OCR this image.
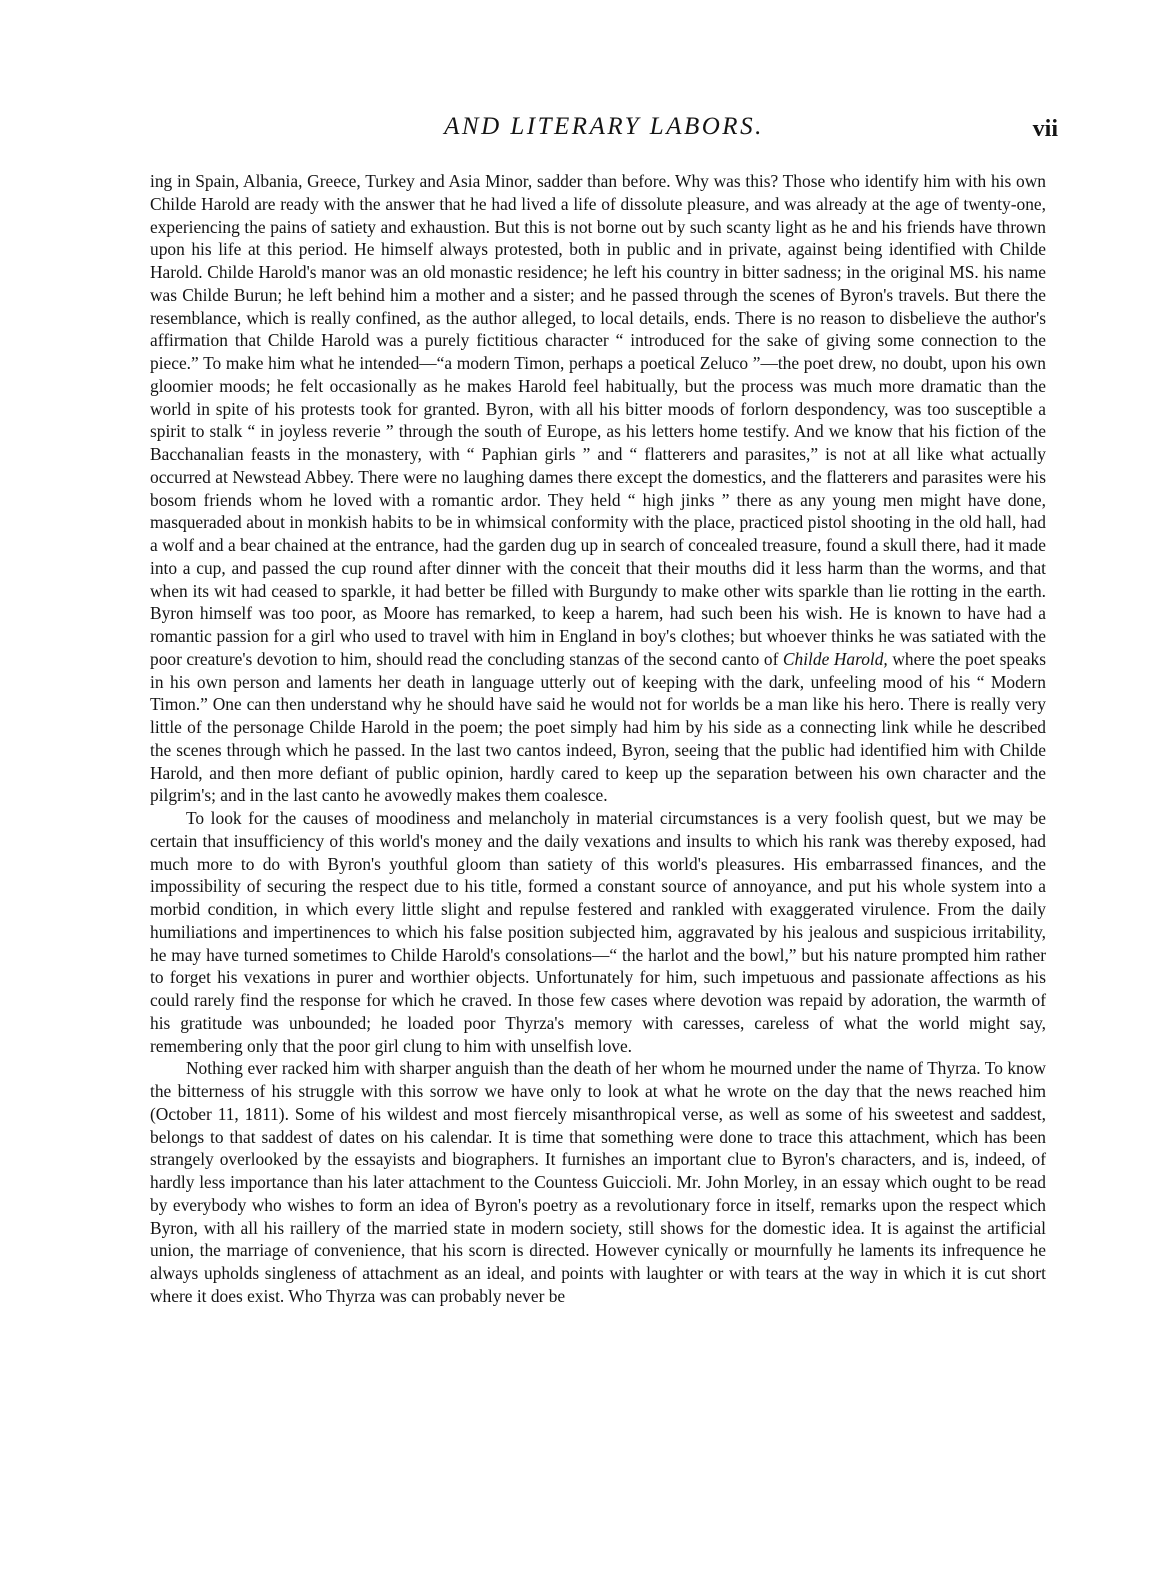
AND LITERARY LABORS.	vii

ing in Spain, Albania, Greece, Turkey and Asia Minor, sadder than before. Why was this? Those who identify him with his own Childe Harold are ready with the answer that he had lived a life of dissolute pleasure, and was already at the age of twenty-one, experiencing the pains of satiety and exhaustion. But this is not borne out by such scanty light as he and his friends have thrown upon his life at this period. He himself always protested, both in public and in private, against being identified with Childe Harold. Childe Harold's manor was an old monastic residence; he left his country in bitter sadness; in the original MS. his name was Childe Burun; he left behind him a mother and a sister; and he passed through the scenes of Byron's travels. But there the resemblance, which is really confined, as the author alleged, to local details, ends. There is no reason to disbelieve the author's affirmation that Childe Harold was a purely fictitious character “ introduced for the sake of giving some connection to the piece.” To make him what he intended—“a modern Timon, perhaps a poetical Zeluco ”—the poet drew, no doubt, upon his own gloomier moods; he felt occasionally as he makes Harold feel habitually, but the process was much more dramatic than the world in spite of his protests took for granted. Byron, with all his bitter moods of forlorn despondency, was too susceptible a spirit to stalk “ in joyless reverie ” through the south of Europe, as his letters home testify. And we know that his fiction of the Bacchanalian feasts in the monastery, with “ Paphian girls ” and “ flatterers and parasites,” is not at all like what actually occurred at Newstead Abbey. There were no laughing dames there except the domestics, and the flatterers and parasites were his bosom friends whom he loved with a romantic ardor. They held “ high jinks ” there as any young men might have done, masqueraded about in monkish habits to be in whimsical conformity with the place, practiced pistol shooting in the old hall, had a wolf and a bear chained at the entrance, had the garden dug up in search of concealed treasure, found a skull there, had it made into a cup, and passed the cup round after dinner with the conceit that their mouths did it less harm than the worms, and that when its wit had ceased to sparkle, it had better be filled with Burgundy to make other wits sparkle than lie rotting in the earth. Byron himself was too poor, as Moore has remarked, to keep a harem, had such been his wish. He is known to have had a romantic passion for a girl who used to travel with him in England in boy's clothes; but whoever thinks he was satiated with the poor creature's devotion to him, should read the concluding stanzas of the second canto of Childe Harold, where the poet speaks in his own person and laments her death in language utterly out of keeping with the dark, unfeeling mood of his “ Modern Timon.” One can then understand why he should have said he would not for worlds be a man like his hero. There is really very little of the personage Childe Harold in the poem; the poet simply had him by his side as a connecting link while he described the scenes through which he passed. In the last two cantos indeed, Byron, seeing that the public had identified him with Childe Harold, and then more defiant of public opinion, hardly cared to keep up the separation between his own character and the pilgrim's; and in the last canto he avowedly makes them coalesce.

To look for the causes of moodiness and melancholy in material circumstances is a very foolish quest, but we may be certain that insufficiency of this world's money and the daily vexations and insults to which his rank was thereby exposed, had much more to do with Byron's youthful gloom than satiety of this world's pleasures. His embarrassed finances, and the impossibility of securing the respect due to his title, formed a constant source of annoyance, and put his whole system into a morbid condition, in which every little slight and repulse festered and rankled with exaggerated virulence. From the daily humiliations and impertinences to which his false position subjected him, aggravated by his jealous and suspicious irritability, he may have turned sometimes to Childe Harold's consolations—“ the harlot and the bowl,” but his nature prompted him rather to forget his vexations in purer and worthier objects. Unfortunately for him, such impetuous and passionate affections as his could rarely find the response for which he craved. In those few cases where devotion was repaid by adoration, the warmth of his gratitude was unbounded; he loaded poor Thyrza's memory with caresses, careless of what the world might say, remembering only that the poor girl clung to him with unselfish love.

Nothing ever racked him with sharper anguish than the death of her whom he mourned under the name of Thyrza. To know the bitterness of his struggle with this sorrow we have only to look at what he wrote on the day that the news reached him (October 11, 1811). Some of his wildest and most fiercely misanthropical verse, as well as some of his sweetest and saddest, belongs to that saddest of dates on his calendar. It is time that something were done to trace this attachment, which has been strangely overlooked by the essayists and biographers. It furnishes an important clue to Byron's characters, and is, indeed, of hardly less importance than his later attachment to the Countess Guiccioli. Mr. John Morley, in an essay which ought to be read by everybody who wishes to form an idea of Byron's poetry as a revolutionary force in itself, remarks upon the respect which Byron, with all his raillery of the married state in modern society, still shows for the domestic idea. It is against the artificial union, the marriage of convenience, that his scorn is directed. However cynically or mournfully he laments its infrequence he always upholds singleness of attachment as an ideal, and points with laughter or with tears at the way in which it is cut short where it does exist. Who Thyrza was can probably never be
